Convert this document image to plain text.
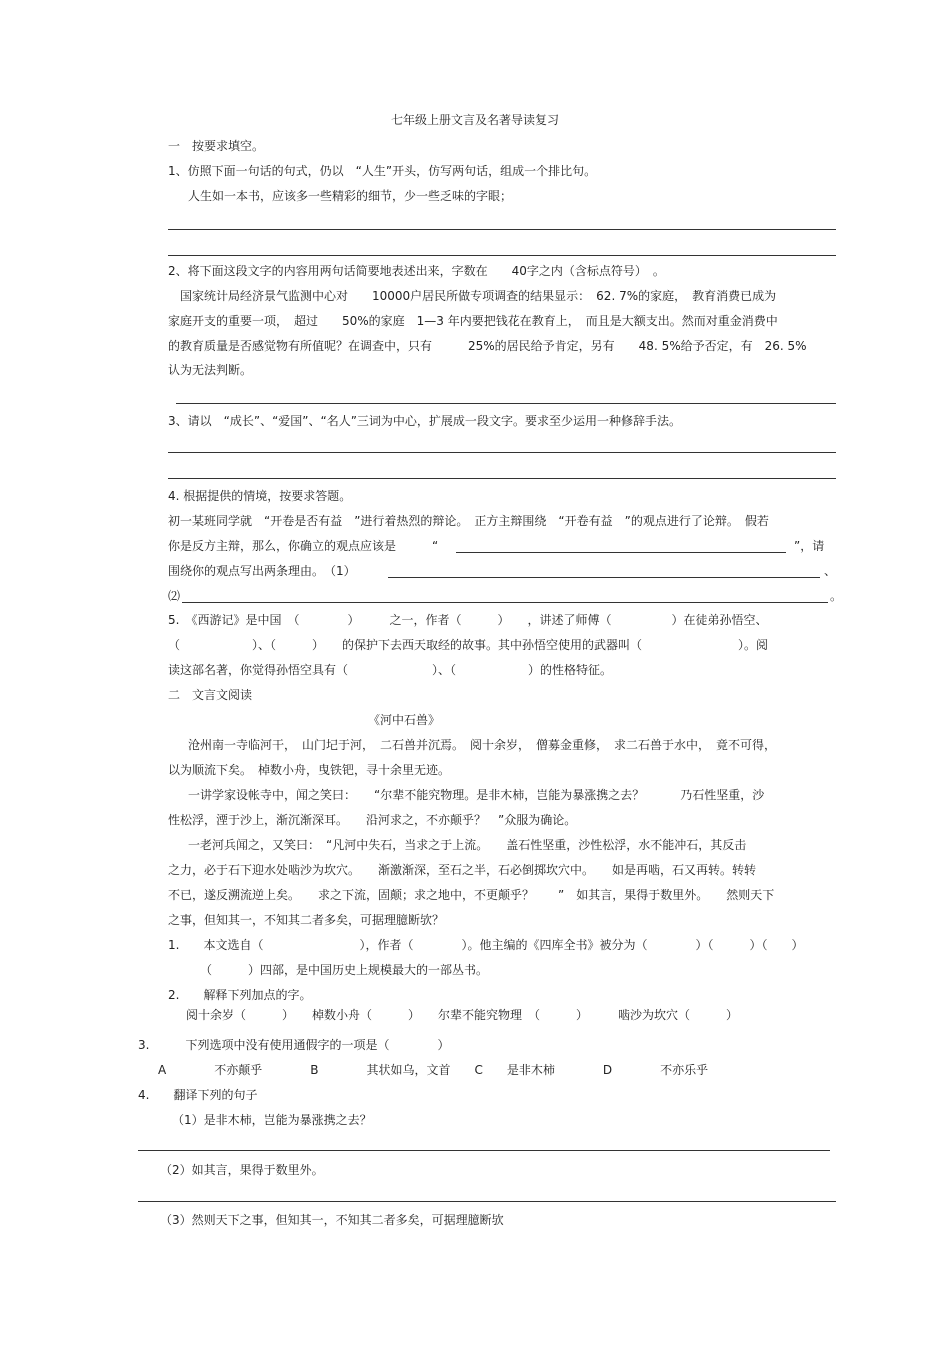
七年级上册文言及名著导读复习
一　按要求填空。
1、仿照下面一句话的句式，仍以　“人生”开头，仿写两句话，组成一个排比句。
人生如一本书，应该多一些精彩的细节，少一些乏味的字眼；
2、将下面这段文字的内容用两句话简要地表述出来，字数在　　40字之内（含标点符号）　。
国家统计局经济景气监测中心对　　10000户居民所做专项调查的结果显示：　62. 7%的家庭，　教育消费已成为
家庭开支的重要一项，　超过　　50%的家庭　1—3 年内要把钱花在教育上，　而且是大额支出。然而对重金消费中
的教育质量是否感觉物有所值呢？在调查中，只有　　　25%的居民给予肯定，另有　　48. 5%给予否定，有　26. 5%
认为无法判断。
3、请以　“成长”、“爱国”、“名人”三词为中心，扩展成一段文字。要求至少运用一种修辞手法。
4. 根据提供的情境，按要求答题。
初一某班同学就　“开卷是否有益　”进行着热烈的辩论。　正方主辩围绕　“开卷有益　”的观点进行了论辩。　假若
你是反方主辩，那么，你确立的观点应该是　　　“	”，请
围绕你的观点写出两条理由。　（1）	、
⑵	。
5.　《西游记》是中国　（　　　　）　　　之一，作者（　　　）　　，讲述了师傅（　　　　　）在徒弟孙悟空、
（　　　　　　）、（　　　）　　的保护下去西天取经的故事。其中孙悟空使用的武器叫（　　　　　　　　）。阅
读这部名著，你觉得孙悟空具有（　　　　　　　）、（　　　　　　）的性格特征。
二　文言文阅读
《河中石兽》
沧州南一寺临河干，　山门圮于河，　二石兽并沉焉。　阅十余岁，　僧募金重修，　求二石兽于水中，　竟不可得，
以为顺流下矣。　棹数小舟，曳铁钯，寻十余里无迹。
一讲学家设帐寺中，闻之笑曰：　　“尔辈不能究物理。是非木柿，岂能为暴涨携之去？　　　乃石性坚重，沙
性松浮，湮于沙上，渐沉渐深耳。　　沿河求之，不亦颠乎？　”众服为确论。
一老河兵闻之，又笑曰：　“凡河中失石，当求之于上流。　　盖石性坚重，沙性松浮，水不能冲石，其反击
之力，必于石下迎水处啮沙为坎穴。　　渐激渐深，至石之半，石必倒掷坎穴中。　　如是再啮，石又再转。转转
不已，遂反溯流逆上矣。　　求之下流，固颠；求之地中，不更颠乎？　　”　如其言，果得于数里外。　　然则天下
之事，但知其一，不知其二者多矣，可据理臆断欤？
1.　　本文选自（　　　　　　　　），作者（　　　　）。他主编的《四库全书》被分为（　　　　）（　　　）（　　）
（　　　）四部，是中国历史上规模最大的一部丛书。
2.　　解释下列加点的字。
阅十余岁（　　　）　　棹数小舟（　　　）　　尔辈不能究物理　（　　　）　　　啮沙为坎穴（　　　）
3.　　　下列选项中没有使用通假字的一项是（　　　　）
A　　　　不亦颠乎　　　　B　　　　其状如乌，文首　　C　　是非木柿　　　　D　　　　不亦乐乎
4.　　翻译下列的句子
（1）是非木柿，岂能为暴涨携之去？
（2）如其言，果得于数里外。
（3）然则天下之事，但知其一，不知其二者多矣，可据理臆断欤
